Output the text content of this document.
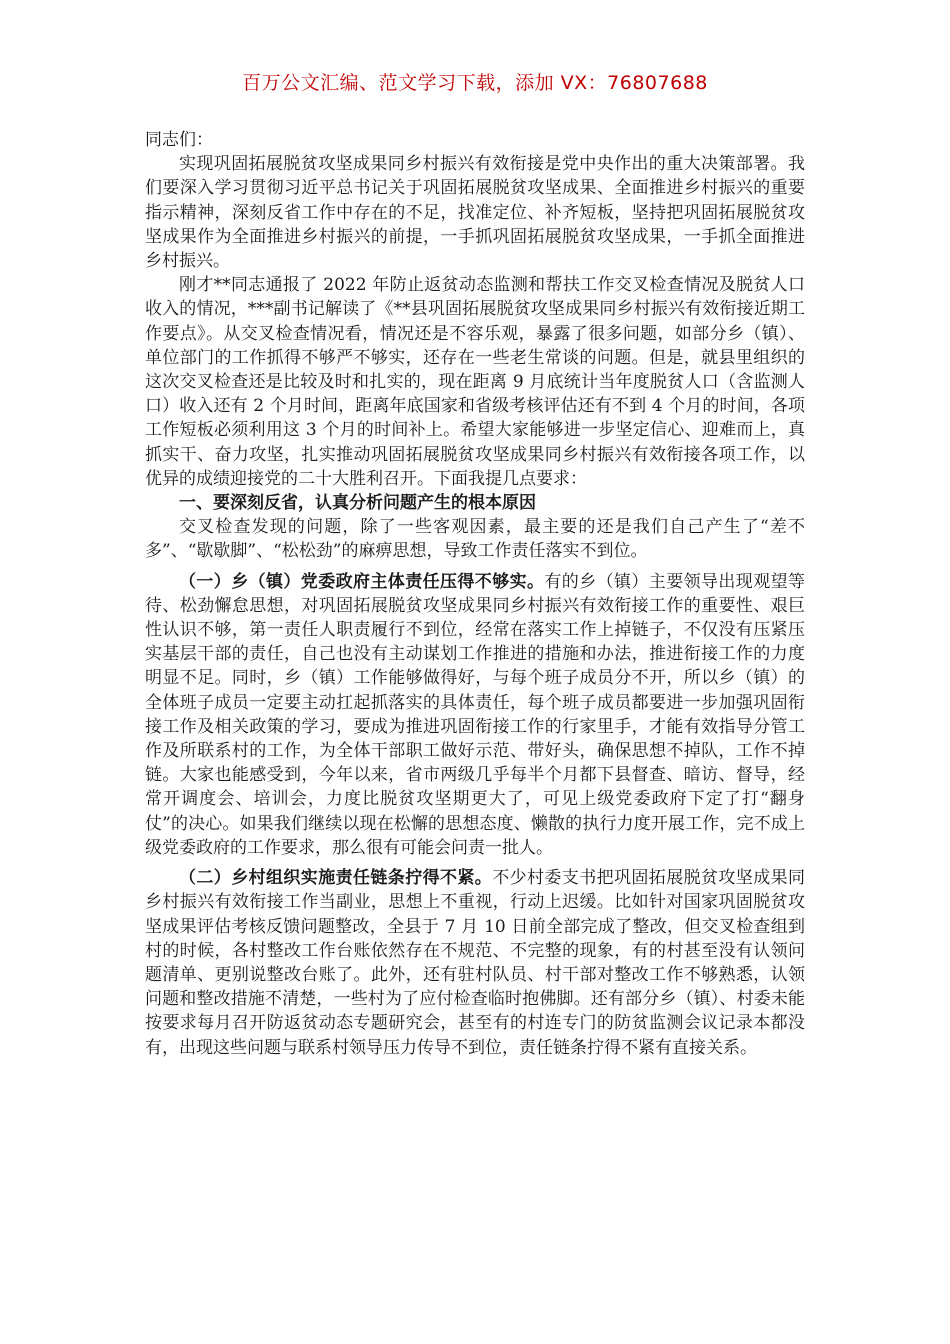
百万公文汇编、范文学习下载，添加 VX：76807688

同志们：

实现巩固拓展脱贫攻坚成果同乡村振兴有效衔接是党中央作出的重大决策部署。我们要深入学习贯彻习近平总书记关于巩固拓展脱贫攻坚成果、全面推进乡村振兴的重要指示精神，深刻反省工作中存在的不足，找准定位、补齐短板，坚持把巩固拓展脱贫攻坚成果作为全面推进乡村振兴的前提，一手抓巩固拓展脱贫攻坚成果，一手抓全面推进乡村振兴。

刚才**同志通报了 2022 年防止返贫动态监测和帮扶工作交叉检查情况及脱贫人口收入的情况，***副书记解读了《**县巩固拓展脱贫攻坚成果同乡村振兴有效衔接近期工作要点》。从交叉检查情况看，情况还是不容乐观，暴露了很多问题，如部分乡（镇）、单位部门的工作抓得不够严不够实，还存在一些老生常谈的问题。但是，就县里组织的这次交叉检查还是比较及时和扎实的，现在距离 9 月底统计当年度脱贫人口（含监测人口）收入还有 2 个月时间，距离年底国家和省级考核评估还有不到 4 个月的时间，各项工作短板必须利用这 3 个月的时间补上。希望大家能够进一步坚定信心、迎难而上，真抓实干、奋力攻坚，扎实推动巩固拓展脱贫攻坚成果同乡村振兴有效衔接各项工作，以优异的成绩迎接党的二十大胜利召开。下面我提几点要求：

一、要深刻反省，认真分析问题产生的根本原因

交叉检查发现的问题，除了一些客观因素，最主要的还是我们自己产生了“差不多”、“歇歇脚”、“松松劲”的麻痹思想，导致工作责任落实不到位。

（一）乡（镇）党委政府主体责任压得不够实。有的乡（镇）主要领导出现观望等待、松劲懈怠思想，对巩固拓展脱贫攻坚成果同乡村振兴有效衔接工作的重要性、艰巨性认识不够，第一责任人职责履行不到位，经常在落实工作上掉链子，不仅没有压紧压实基层干部的责任，自己也没有主动谋划工作推进的措施和办法，推进衔接工作的力度明显不足。同时，乡（镇）工作能够做得好，与每个班子成员分不开，所以乡（镇）的全体班子成员一定要主动扛起抓落实的具体责任，每个班子成员都要进一步加强巩固衔接工作及相关政策的学习，要成为推进巩固衔接工作的行家里手，才能有效指导分管工作及所联系村的工作，为全体干部职工做好示范、带好头，确保思想不掉队，工作不掉链。大家也能感受到，今年以来，省市两级几乎每半个月都下县督查、暗访、督导，经常开调度会、培训会，力度比脱贫攻坚期更大了，可见上级党委政府下定了打“翻身仗”的决心。如果我们继续以现在松懈的思想态度、懒散的执行力度开展工作，完不成上级党委政府的工作要求，那么很有可能会问责一批人。

（二）乡村组织实施责任链条拧得不紧。不少村委支书把巩固拓展脱贫攻坚成果同乡村振兴有效衔接工作当副业，思想上不重视，行动上迟缓。比如针对国家巩固脱贫攻坚成果评估考核反馈问题整改，全县于 7 月 10 日前全部完成了整改，但交叉检查组到村的时候，各村整改工作台账依然存在不规范、不完整的现象，有的村甚至没有认领问题清单、更别说整改台账了。此外，还有驻村队员、村干部对整改工作不够熟悉，认领问题和整改措施不清楚，一些村为了应付检查临时抱佛脚。还有部分乡（镇）、村委未能按要求每月召开防返贫动态专题研究会，甚至有的村连专门的防贫监测会议记录本都没有，出现这些问题与联系村领导压力传导不到位，责任链条拧得不紧有直接关系。
